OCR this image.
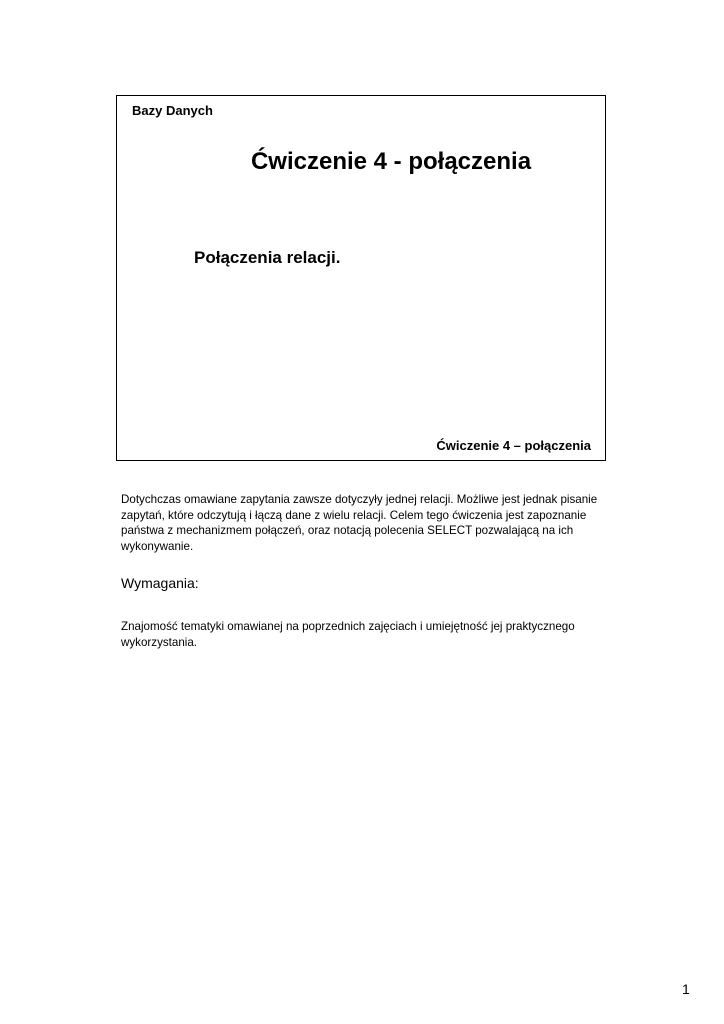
Bazy Danych
Ćwiczenie 4 - połączenia
Połączenia relacji.
Ćwiczenie 4 – połączenia

Dotychczas omawiane zapytania zawsze dotyczyły jednej relacji. Możliwe jest jednak pisanie zapytań, które odczytują i łączą dane z wielu relacji. Celem tego ćwiczenia jest zapoznanie państwa z mechanizmem połączeń, oraz notacją polecenia SELECT pozwalającą na ich wykonywanie.

Wymagania:

Znajomość tematyki omawianej na poprzednich zajęciach i umiejętność jej praktycznego wykorzystania.

1
